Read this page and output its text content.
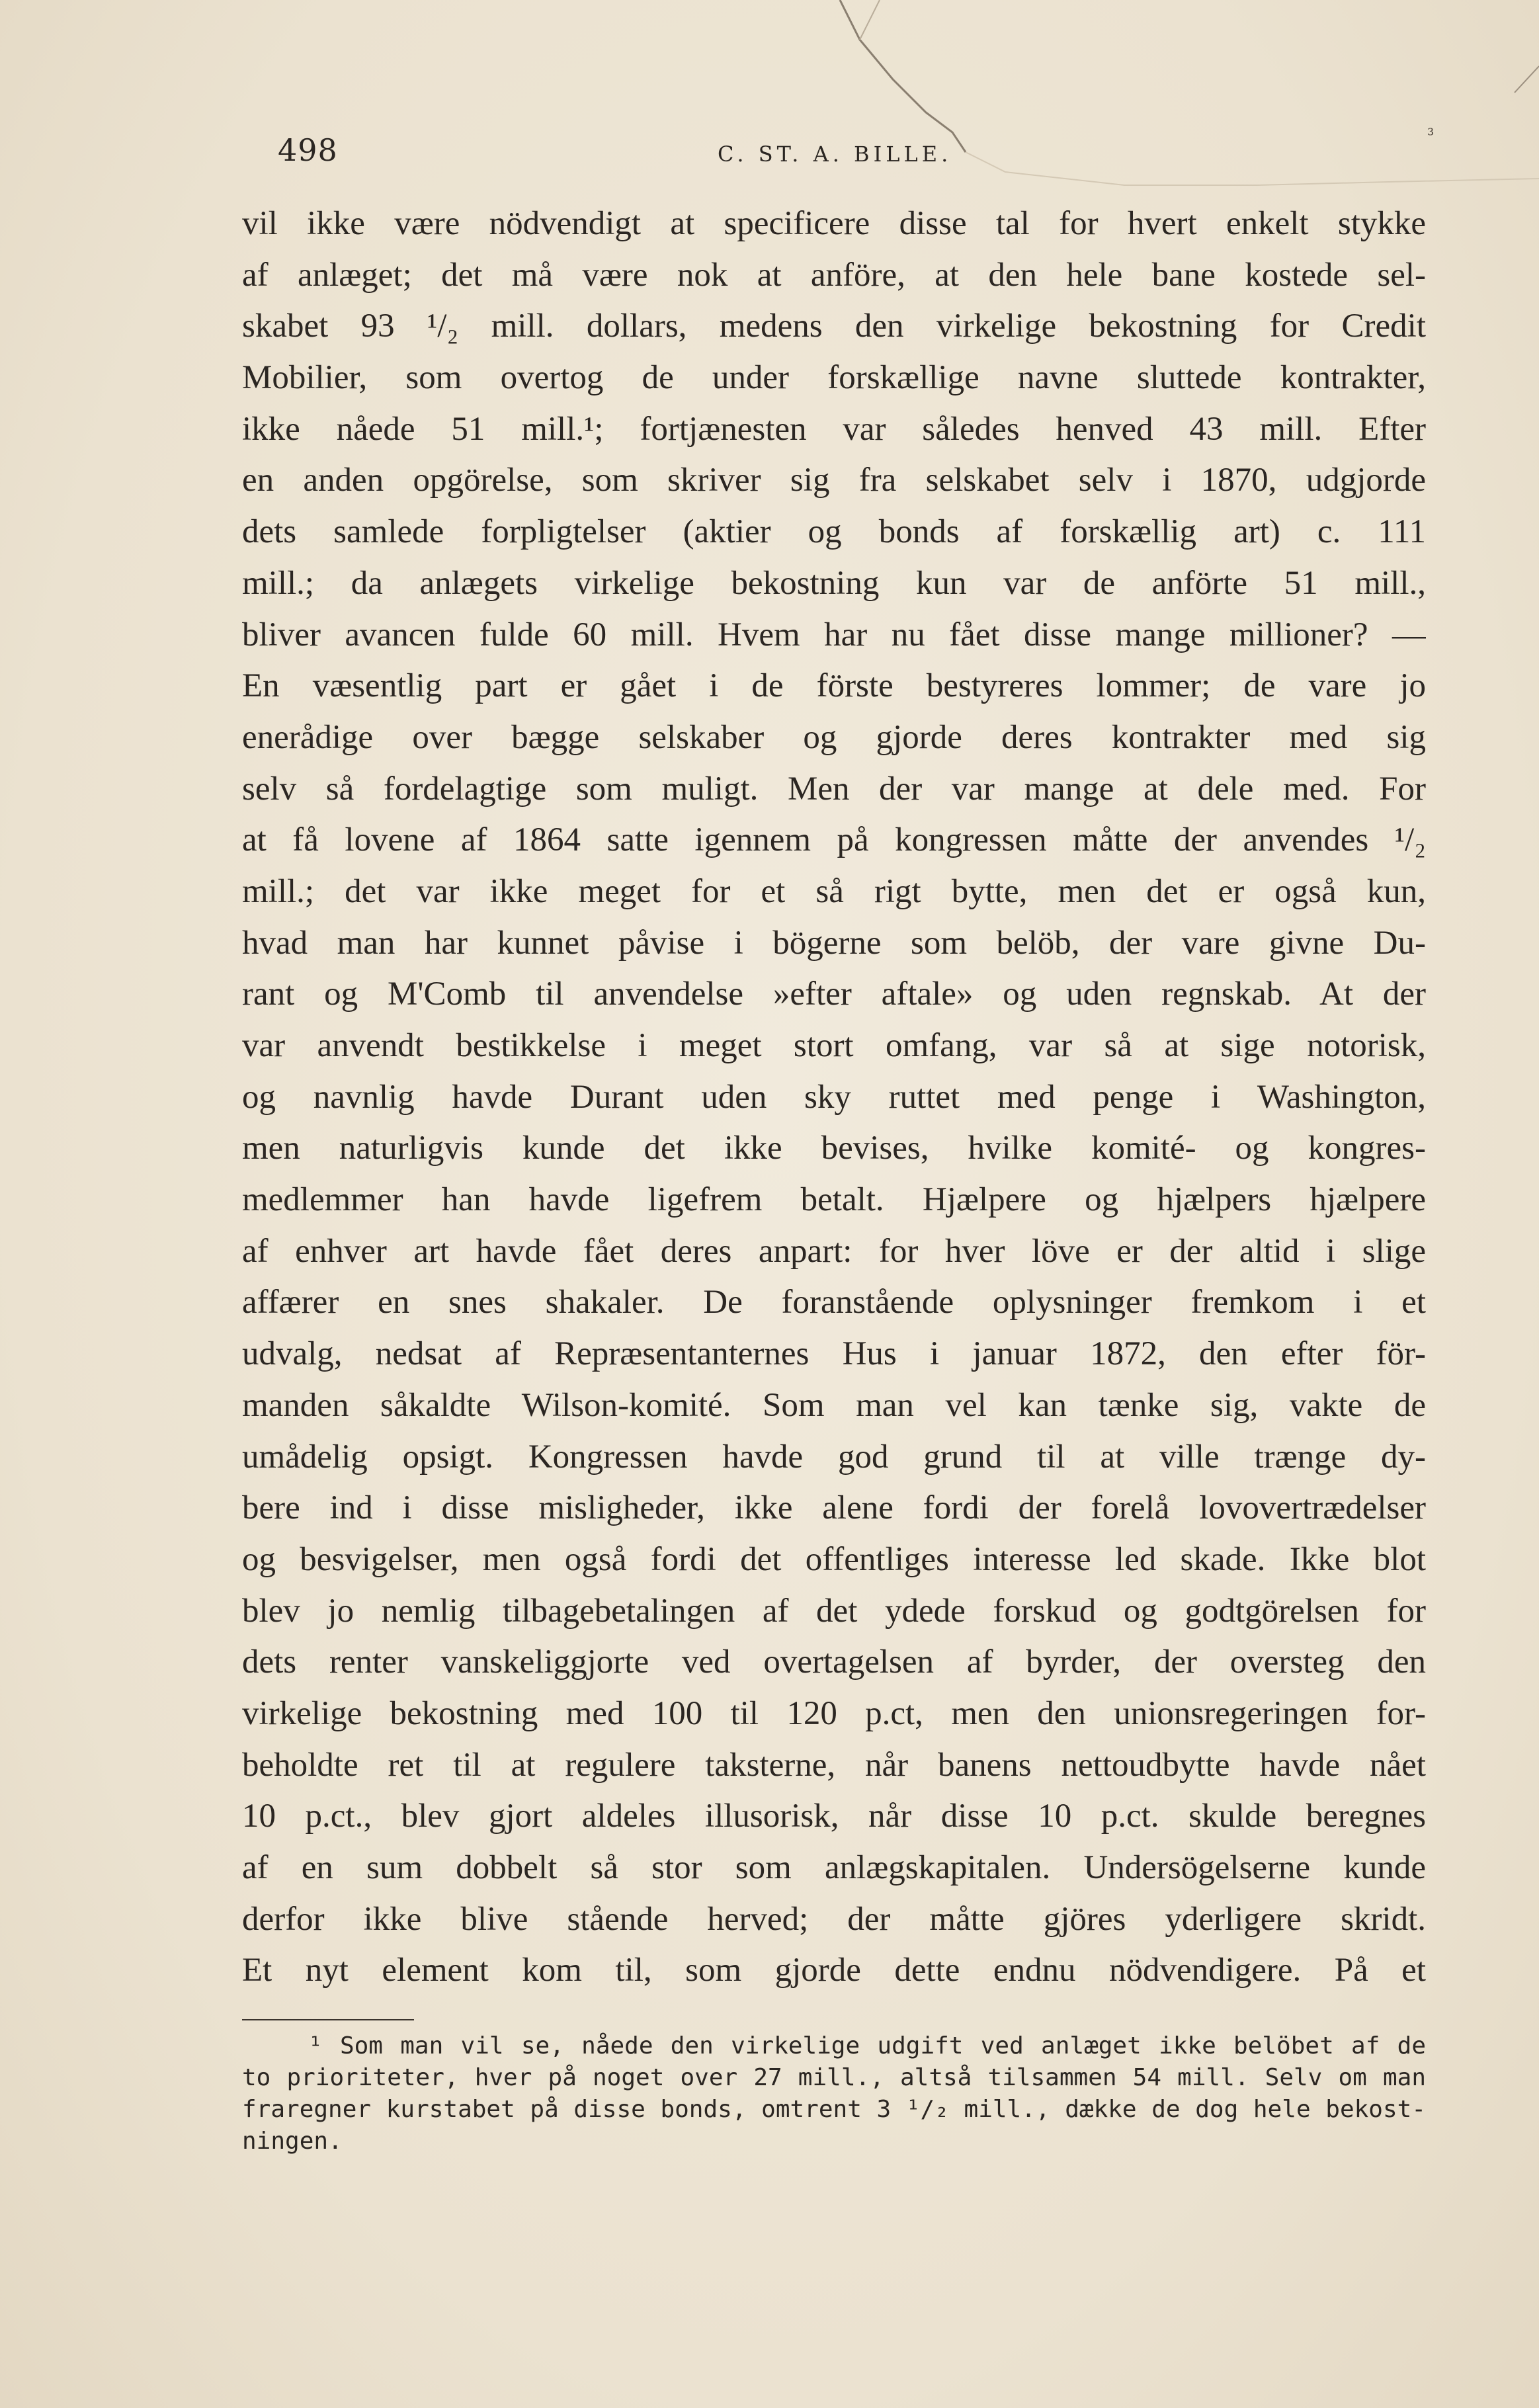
498	C. ST. A. BILLE.
³
vil ikke være nödvendigt at specificere disse tal for hvert enkelt stykke
af anlæget; det må være nok at anföre, at den hele bane kostede sel-
skabet 93 ¹/₂ mill. dollars, medens den virkelige bekostning for Credit
Mobilier, som overtog de under forskællige navne sluttede kontrakter,
ikke nåede 51 mill.¹; fortjænesten var således henved 43 mill. Efter
en anden opgörelse, som skriver sig fra selskabet selv i 1870, udgjorde
dets samlede forpligtelser (aktier og bonds af forskællig art) c. 111
mill.; da anlægets virkelige bekostning kun var de anförte 51 mill.,
bliver avancen fulde 60 mill. Hvem har nu fået disse mange millioner? —
En væsentlig part er gået i de förste bestyreres lommer; de vare jo
enerådige over bægge selskaber og gjorde deres kontrakter med sig
selv så fordelagtige som muligt. Men der var mange at dele med. For
at få lovene af 1864 satte igennem på kongressen måtte der anvendes ¹/₂
mill.; det var ikke meget for et så rigt bytte, men det er også kun,
hvad man har kunnet påvise i bögerne som belöb, der vare givne Du-
rant og M'Comb til anvendelse »efter aftale» og uden regnskab. At der
var anvendt bestikkelse i meget stort omfang, var så at sige notorisk,
og navnlig havde Durant uden sky ruttet med penge i Washington,
men naturligvis kunde det ikke bevises, hvilke komité- og kongres-
medlemmer han havde ligefrem betalt. Hjælpere og hjælpers hjælpere
af enhver art havde fået deres anpart: for hver löve er der altid i slige
affærer en snes shakaler. De foranstående oplysninger fremkom i et
udvalg, nedsat af Repræsentanternes Hus i januar 1872, den efter för-
manden såkaldte Wilson-komité. Som man vel kan tænke sig, vakte de
umådelig opsigt. Kongressen havde god grund til at ville trænge dy-
bere ind i disse misligheder, ikke alene fordi der forelå lovovertrædelser
og besvigelser, men også fordi det offentliges interesse led skade. Ikke blot
blev jo nemlig tilbagebetalingen af det ydede forskud og godtgörelsen for
dets renter vanskeliggjorte ved overtagelsen af byrder, der oversteg den
virkelige bekostning med 100 til 120 p.ct, men den unionsregeringen for-
beholdte ret til at regulere taksterne, når banens nettoudbytte havde nået
10 p.ct., blev gjort aldeles illusorisk, når disse 10 p.ct. skulde beregnes
af en sum dobbelt så stor som anlægskapitalen. Undersögelserne kunde
derfor ikke blive stående herved; der måtte gjöres yderligere skridt.
Et nyt element kom til, som gjorde dette endnu nödvendigere. På et
¹ Som man vil se, nåede den virkelige udgift ved anlæget ikke belöbet af de
to prioriteter, hver på noget over 27 mill., altså tilsammen 54 mill. Selv om man
fraregner kurstabet på disse bonds, omtrent 3 ¹/₂ mill., dække de dog hele bekost-
ningen.
